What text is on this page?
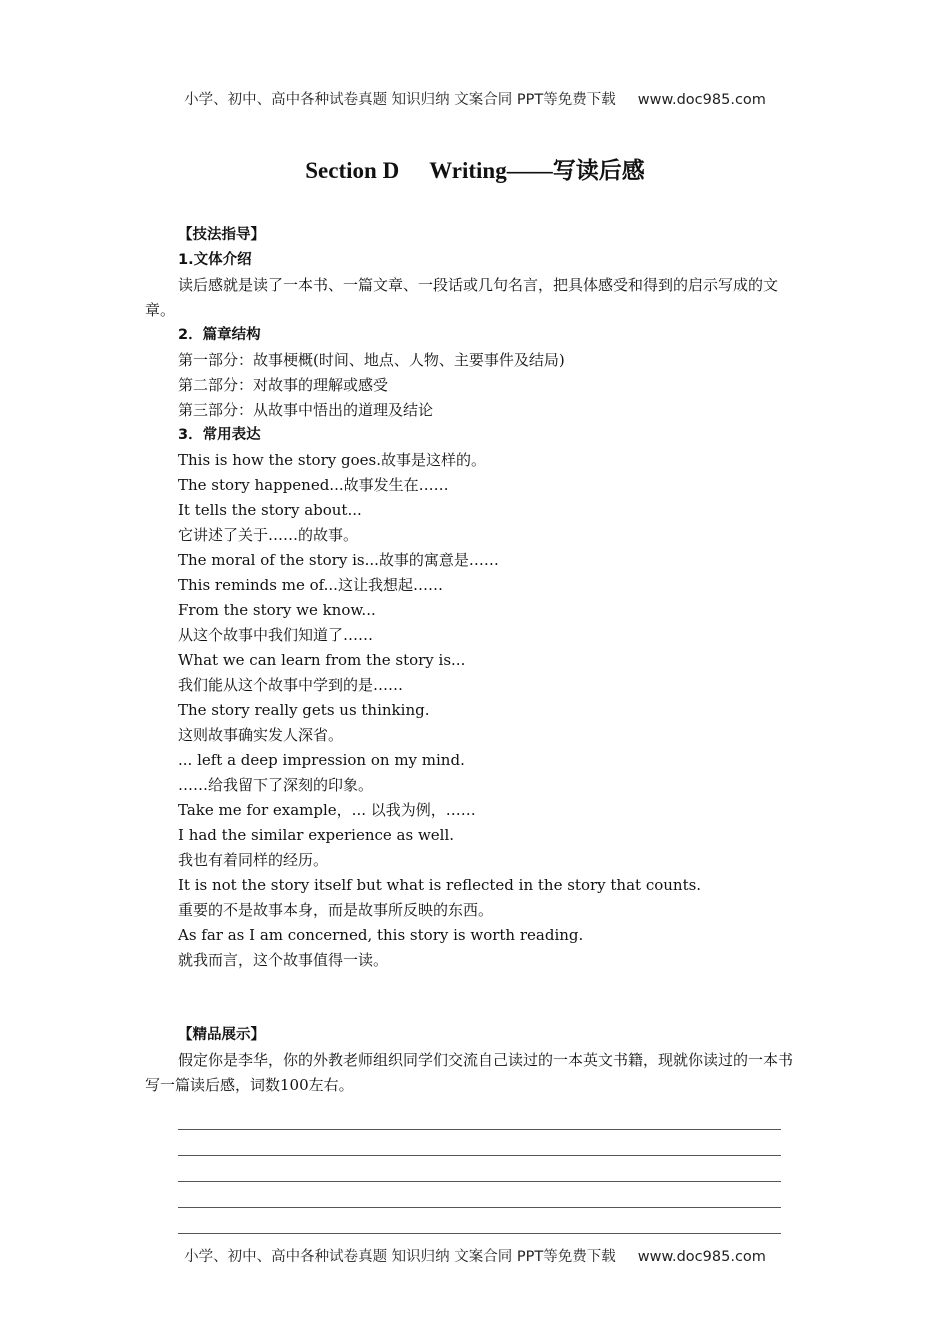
小学、初中、高中各种试卷真题 知识归纳 文案合同 PPT等免费下载 www.doc985.com
Section D Writing——写读后感
【技法指导】
1.文体介绍
读后感就是读了一本书、一篇文章、一段话或几句名言，把具体感受和得到的启示写成的文章。
2．篇章结构
第一部分：故事梗概(时间、地点、人物、主要事件及结局)
第二部分：对故事的理解或感受
第三部分：从故事中悟出的道理及结论
3．常用表达
This is how the story goes.故事是这样的。
The story happened...故事发生在……
It tells the story about...
它讲述了关于……的故事。
The moral of the story is...故事的寓意是……
This reminds me of...这让我想起……
From the story we know...
从这个故事中我们知道了……
What we can learn from the story is...
我们能从这个故事中学到的是……
The story really gets us thinking.
这则故事确实发人深省。
... left a deep impression on my mind.
……给我留下了深刻的印象。
Take me for example，... 以我为例，……
I had the similar experience as well.
我也有着同样的经历。
It is not the story itself but what is reflected in the story that counts.
重要的不是故事本身，而是故事所反映的东西。
As far as I am concerned, this story is worth reading.
就我而言，这个故事值得一读。
【精品展示】
假定你是李华，你的外教老师组织同学们交流自己读过的一本英文书籍，现就你读过的一本书写一篇读后感，词数100左右。
小学、初中、高中各种试卷真题 知识归纳 文案合同 PPT等免费下载 www.doc985.com
